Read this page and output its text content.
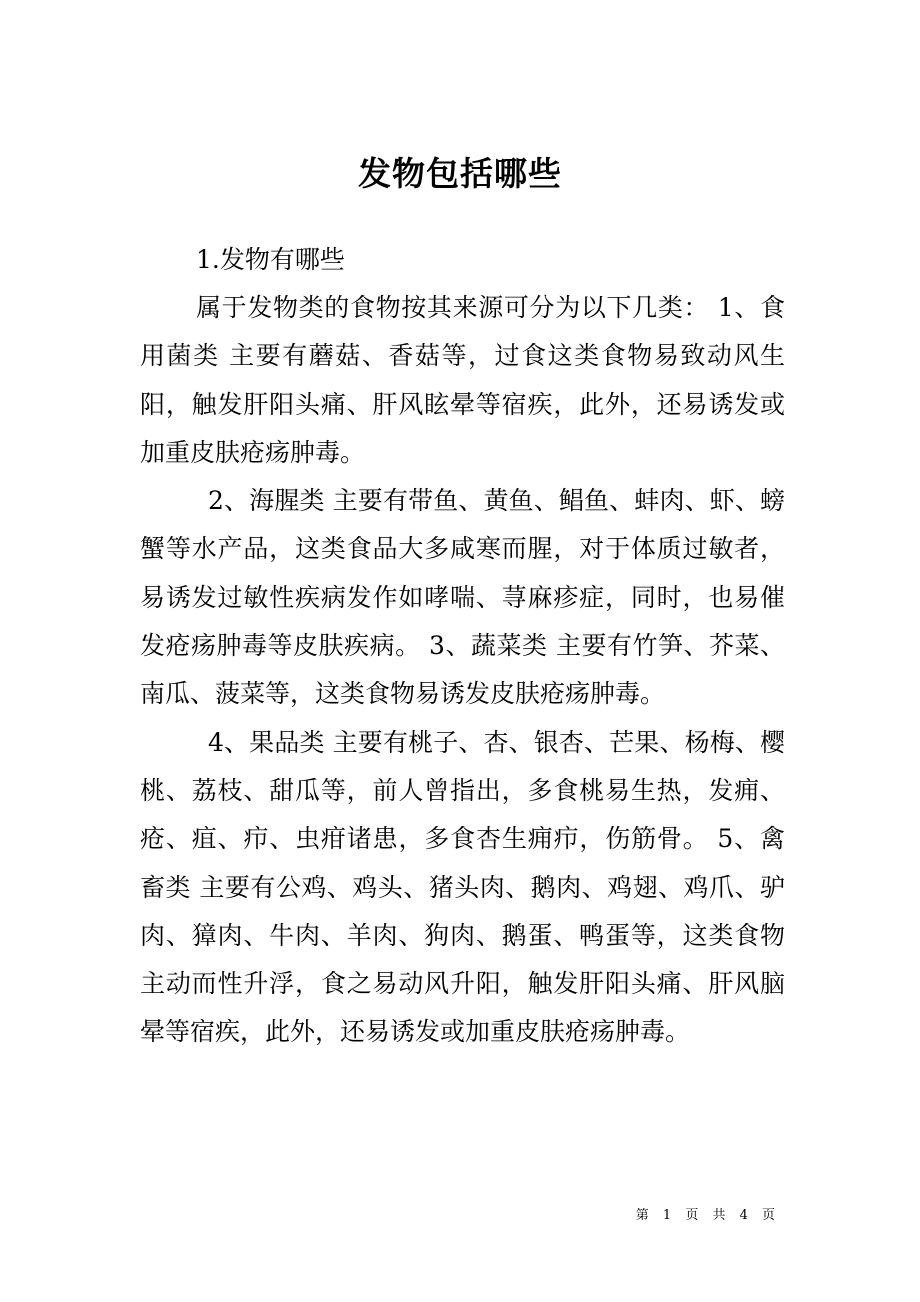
发物包括哪些

1.发物有哪些

属于发物类的食物按其来源可分为以下几类： 1、食用菌类 主要有蘑菇、香菇等，过食这类食物易致动风生阳，触发肝阳头痛、肝风眩晕等宿疾，此外，还易诱发或加重皮肤疮疡肿毒。

2、海腥类 主要有带鱼、黄鱼、鲳鱼、蚌肉、虾、螃蟹等水产品，这类食品大多咸寒而腥，对于体质过敏者，易诱发过敏性疾病发作如哮喘、荨麻疹症，同时，也易催发疮疡肿毒等皮肤疾病。 3、蔬菜类 主要有竹笋、芥菜、南瓜、菠菜等，这类食物易诱发皮肤疮疡肿毒。

4、果品类 主要有桃子、杏、银杏、芒果、杨梅、樱桃、荔枝、甜瓜等，前人曾指出，多食桃易生热，发痈、疮、疽、疖、虫疳诸患，多食杏生痈疖，伤筋骨。 5、禽畜类 主要有公鸡、鸡头、猪头肉、鹅肉、鸡翅、鸡爪、驴肉、獐肉、牛肉、羊肉、狗肉、鹅蛋、鸭蛋等，这类食物主动而性升浮，食之易动风升阳，触发肝阳头痛、肝风脑晕等宿疾，此外，还易诱发或加重皮肤疮疡肿毒。

第 1 页 共 4 页
